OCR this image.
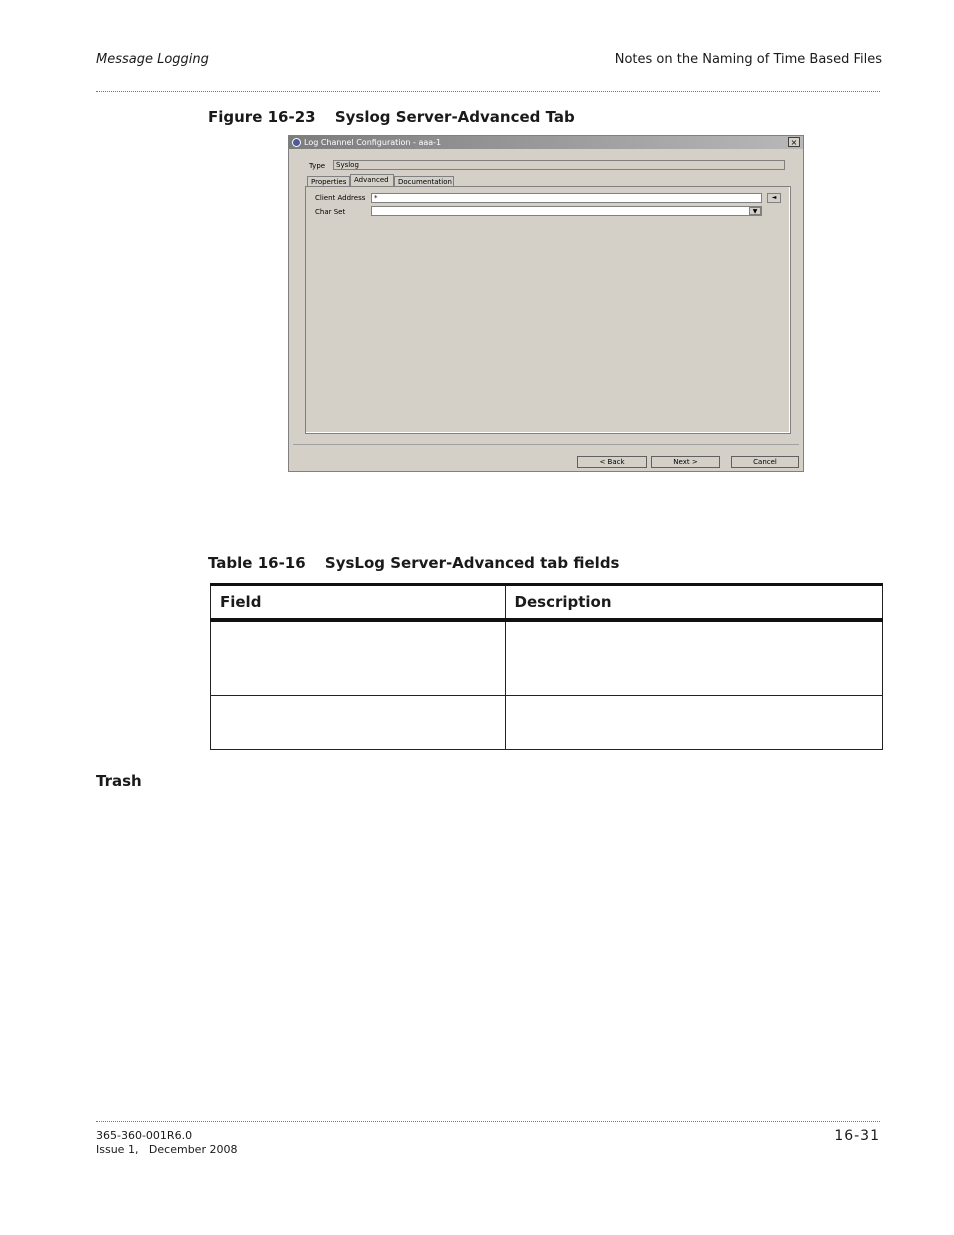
Message Logging	Notes on the Naming of Time Based Files
Figure 16-23 Syslog Server-Advanced Tab
Log Channel Configuration - aaa-1	×
Type	Syslog
Properties	Advanced	Documentation
Client Address	*	◄
Char Set	▼
< Back	Next >	Cancel
Table 16-16 SysLog Server-Advanced tab fields
Field	Description

Trash
365-360-001R6.0
Issue 1,   December 2008
16-31
